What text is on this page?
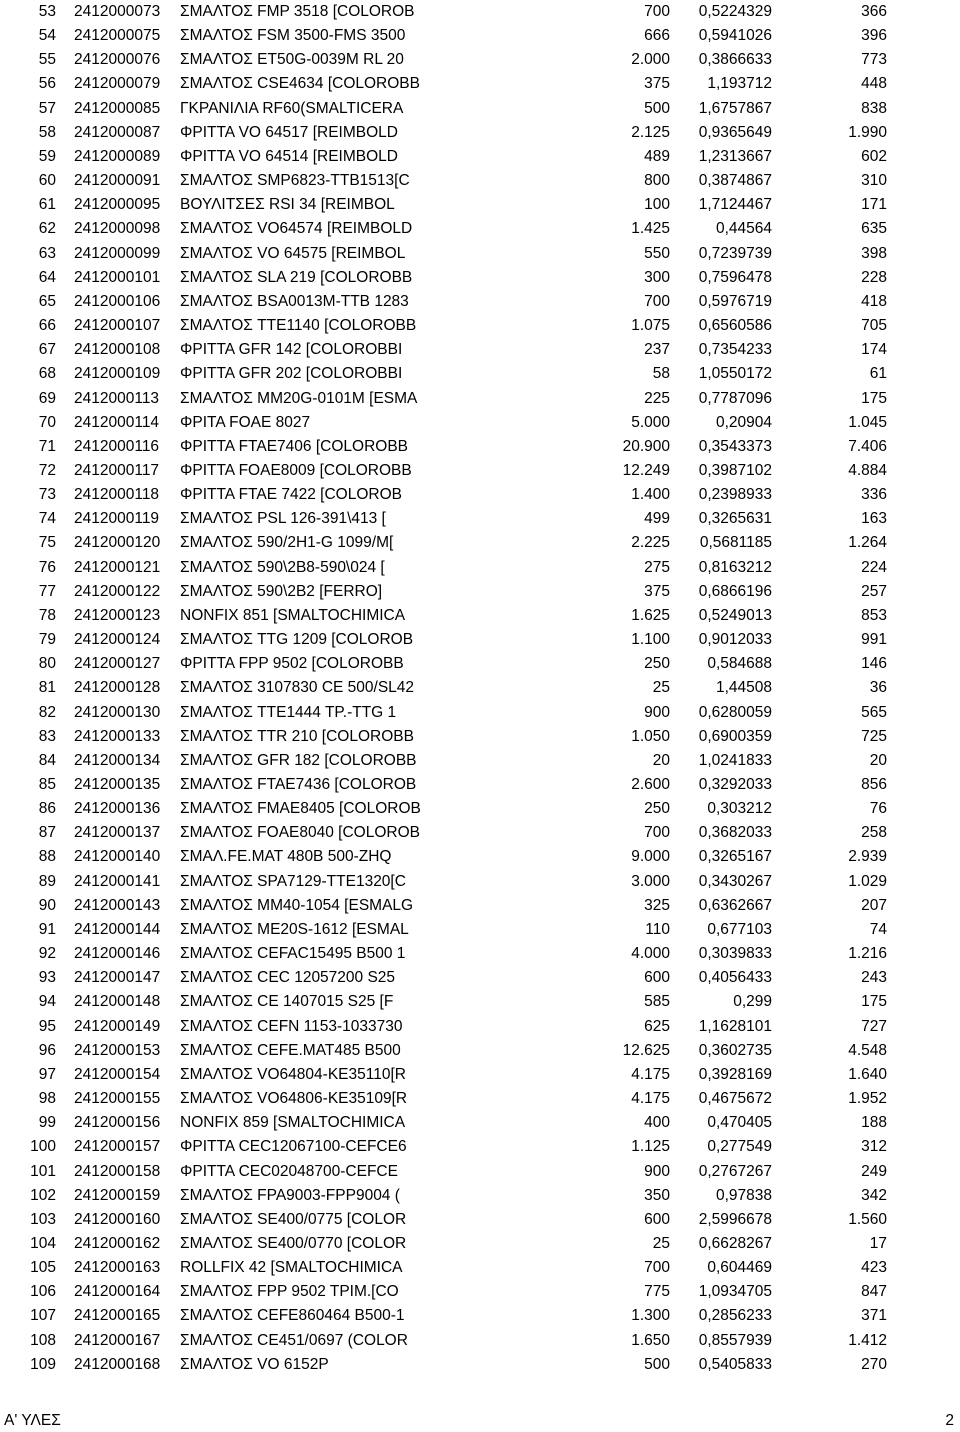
53	2412000073	ΣΜΑΛΤΟΣ FMP 3518 [COLOROB	700	0,5224329	366	
54	2412000075	ΣΜΑΛΤΟΣ FSM 3500-FMS 3500	666	0,5941026	396	
55	2412000076	ΣΜΑΛΤΟΣ ET50G-0039M RL 20	2.000	0,3866633	773	
56	2412000079	ΣΜΑΛΤΟΣ CSE4634 [COLOROBB	375	1,193712	448	
57	2412000085	ΓΚΡΑΝΙΛΙΑ RF60(SMALTICERA	500	1,6757867	838	
58	2412000087	ΦΡΙΤΤΑ VO 64517 [REIMBOLD	2.125	0,9365649	1.990	
59	2412000089	ΦΡΙΤΤΑ VO 64514 [REIMBOLD	489	1,2313667	602	
60	2412000091	ΣΜΑΛΤΟΣ SMP6823-TTB1513[C	800	0,3874867	310	
61	2412000095	ΒΟΥΛΙΤΣΕΣ RSI 34 [REIMBOL	100	1,7124467	171	
62	2412000098	ΣΜΑΛΤΟΣ VO64574 [REIMBOLD	1.425	0,44564	635	
63	2412000099	ΣΜΑΛΤΟΣ VO 64575 [REIMBOL	550	0,7239739	398	
64	2412000101	ΣΜΑΛΤΟΣ SLA 219 [COLOROBB	300	0,7596478	228	
65	2412000106	ΣΜΑΛΤΟΣ BSA0013M-TTB 1283	700	0,5976719	418	
66	2412000107	ΣΜΑΛΤΟΣ TTE1140 [COLOROBB	1.075	0,6560586	705	
67	2412000108	ΦΡΙΤΤΑ GFR 142 [COLOROBBI	237	0,7354233	174	
68	2412000109	ΦΡΙΤΤΑ GFR 202 [COLOROBBI	58	1,0550172	61	
69	2412000113	ΣΜΑΛΤΟΣ MM20G-0101M [ESMA	225	0,7787096	175	
70	2412000114	ΦΡΙΤΑ FOAE 8027	5.000	0,20904	1.045	
71	2412000116	ΦΡΙΤΤΑ FTAE7406 [COLOROBB	20.900	0,3543373	7.406	
72	2412000117	ΦΡΙΤΤΑ FOAE8009 [COLOROBB	12.249	0,3987102	4.884	
73	2412000118	ΦΡΙΤΤΑ FTAE 7422 [COLOROB	1.400	0,2398933	336	
74	2412000119	ΣΜΑΛΤΟΣ PSL 126-391\413 [	499	0,3265631	163	
75	2412000120	ΣΜΑΛΤΟΣ 590/2H1-G 1099/M[	2.225	0,5681185	1.264	
76	2412000121	ΣΜΑΛΤΟΣ 590\2B8-590\024 [	275	0,8163212	224	
77	2412000122	ΣΜΑΛΤΟΣ 590\2B2 [FERRO]	375	0,6866196	257	
78	2412000123	NONFIX 851 [SMALTOCHIMICA	1.625	0,5249013	853	
79	2412000124	ΣΜΑΛΤΟΣ TTG 1209 [COLOROB	1.100	0,9012033	991	
80	2412000127	ΦΡΙΤΤΑ FPP 9502 [COLOROBB	250	0,584688	146	
81	2412000128	ΣΜΑΛΤΟΣ 3107830 CE 500/SL42	25	1,44508	36	
82	2412000130	ΣΜΑΛΤΟΣ TTE1444 TP.-TTG 1	900	0,6280059	565	
83	2412000133	ΣΜΑΛΤΟΣ TTR 210 [COLOROBB	1.050	0,6900359	725	
84	2412000134	ΣΜΑΛΤΟΣ GFR 182 [COLOROBB	20	1,0241833	20	
85	2412000135	ΣΜΑΛΤΟΣ FTAE7436 [COLOROB	2.600	0,3292033	856	
86	2412000136	ΣΜΑΛΤΟΣ FMAE8405 [COLOROB	250	0,303212	76	
87	2412000137	ΣΜΑΛΤΟΣ FOAE8040 [COLOROB	700	0,3682033	258	
88	2412000140	ΣΜΑΛ.FE.MAT 480B 500-ZHQ	9.000	0,3265167	2.939	
89	2412000141	ΣΜΑΛΤΟΣ SPA7129-TTE1320[C	3.000	0,3430267	1.029	
90	2412000143	ΣΜΑΛΤΟΣ MM40-1054 [ESMALG	325	0,6362667	207	
91	2412000144	ΣΜΑΛΤΟΣ ME20S-1612 [ESMAL	110	0,677103	74	
92	2412000146	ΣΜΑΛΤΟΣ CEFAC15495 B500 1	4.000	0,3039833	1.216	
93	2412000147	ΣΜΑΛΤΟΣ CEC 12057200 S25	600	0,4056433	243	
94	2412000148	ΣΜΑΛΤΟΣ CE 1407015 S25 [F	585	0,299	175	
95	2412000149	ΣΜΑΛΤΟΣ CEFN 1153-1033730	625	1,1628101	727	
96	2412000153	ΣΜΑΛΤΟΣ CEFE.MAT485 B500	12.625	0,3602735	4.548	
97	2412000154	ΣΜΑΛΤΟΣ VO64804-KE35110[R	4.175	0,3928169	1.640	
98	2412000155	ΣΜΑΛΤΟΣ VO64806-KE35109[R	4.175	0,4675672	1.952	
99	2412000156	NONFIX 859 [SMALTOCHIMICA	400	0,470405	188	
100	2412000157	ΦΡΙΤΤΑ CEC12067100-CEFCE6	1.125	0,277549	312	
101	2412000158	ΦΡΙΤΤΑ CEC02048700-CEFCE	900	0,2767267	249	
102	2412000159	ΣΜΑΛΤΟΣ FPA9003-FPP9004 (	350	0,97838	342	
103	2412000160	ΣΜΑΛΤΟΣ SE400/0775 [COLOR	600	2,5996678	1.560	
104	2412000162	ΣΜΑΛΤΟΣ SE400/0770 [COLOR	25	0,6628267	17	
105	2412000163	ROLLFIX 42 [SMALTOCHIMICA	700	0,604469	423	
106	2412000164	ΣΜΑΛΤΟΣ FPP 9502 TPIM.[CO	775	1,0934705	847	
107	2412000165	ΣΜΑΛΤΟΣ CEFE860464 B500-1	1.300	0,2856233	371	
108	2412000167	ΣΜΑΛΤΟΣ CE451/0697 (COLOR	1.650	0,8557939	1.412	
109	2412000168	ΣΜΑΛΤΟΣ VO 6152P	500	0,5405833	270	
Α' ΥΛΕΣ	2
